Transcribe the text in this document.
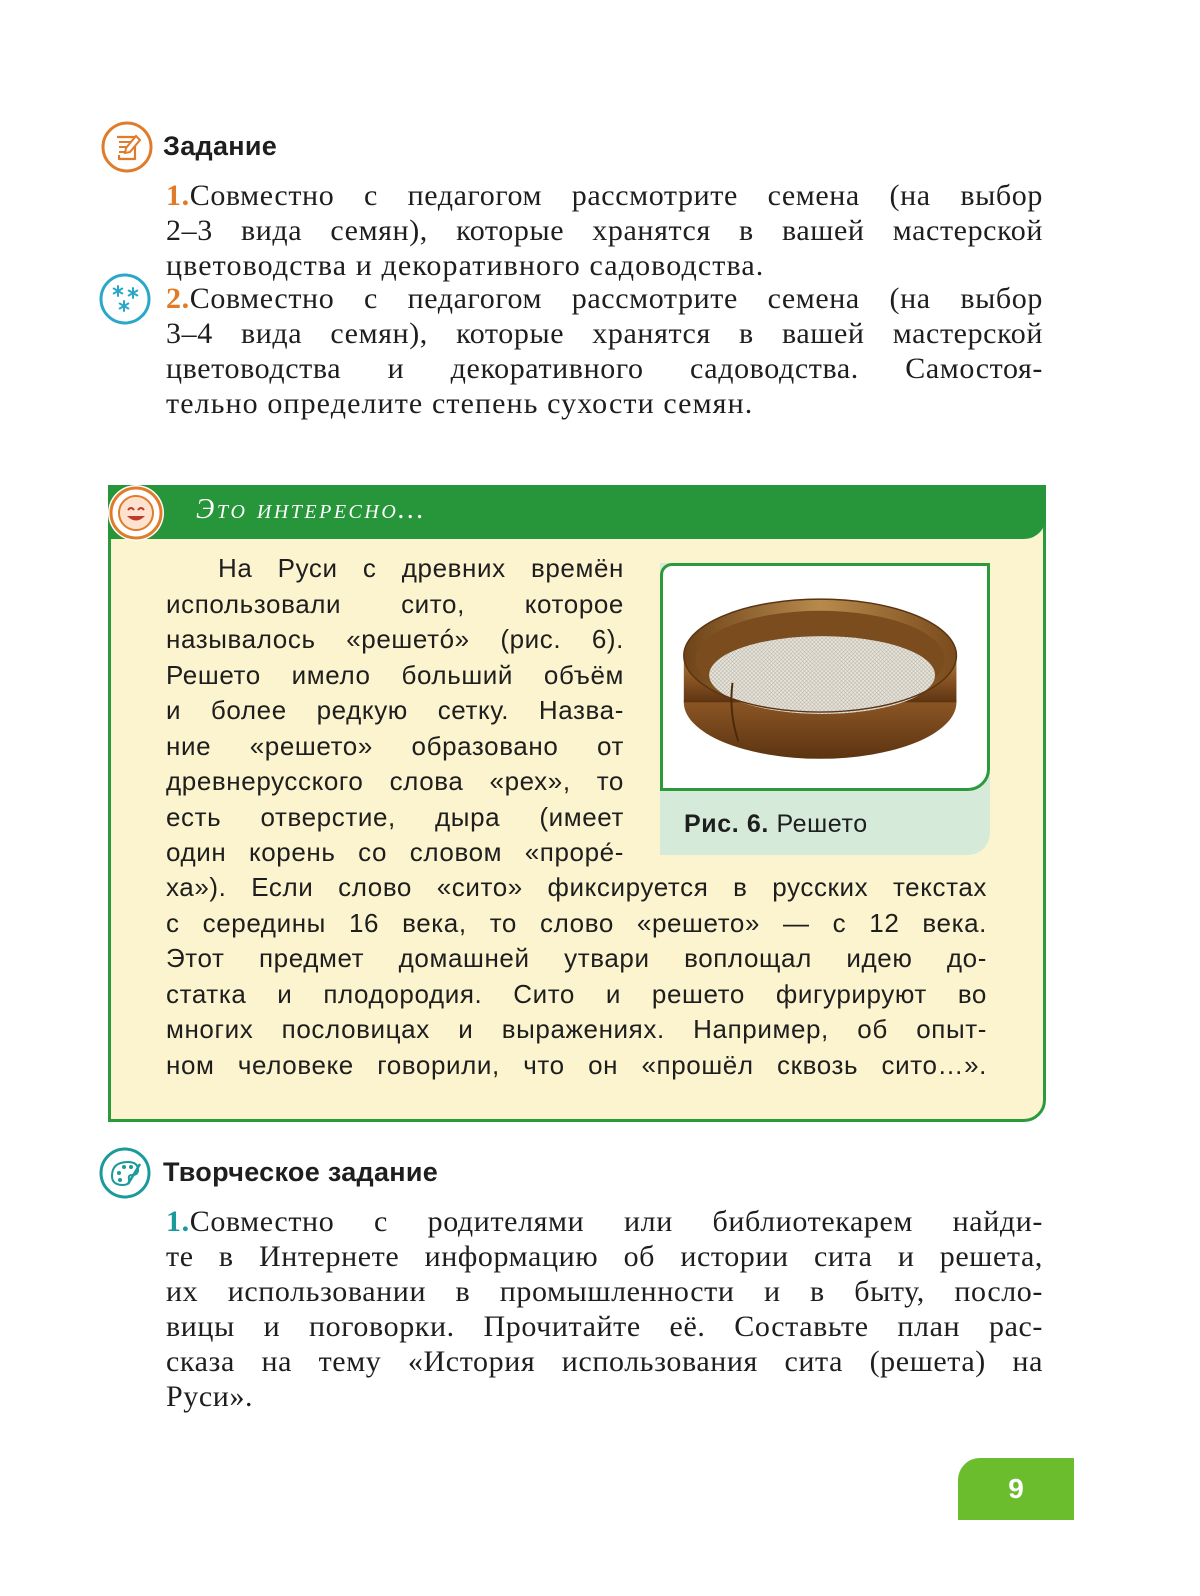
Задание
1.Совместно с педагогом рассмотрите семена (на выбор
2–3 вида семян), которые хранятся в вашей мастерской
цветоводства и декоративного садоводства.
2.Совместно с педагогом рассмотрите семена (на выбор
3–4 вида семян), которые хранятся в вашей мастерской
цветоводства и декоративного садоводства. Самостоя-
тельно определите степень сухости семян.
Это интересно…
На Руси с древних времён
использовали сито, которое
называлось «решетó» (рис. 6).
Решето имело больший объём
и более редкую сетку. Назва-
ние «решето» образовано от
древнерусского слова «рех», то
есть отверстие, дыра (имеет
один корень со словом «проре́-
ха»). Если слово «сито» фиксируется в русских текстах
с середины 16 века, то слово «решето» — с 12 века.
Этот предмет домашней утвари воплощал идею до-
статка и плодородия. Сито и решето фигурируют во
многих пословицах и выражениях. Например, об опыт-
ном человеке говорили, что он «прошёл сквозь сито…».
Рис. 6. Решето
Творческое задание
1.Совместно с родителями или библиотекарем найди-
те в Интернете информацию об истории сита и решета,
их использовании в промышленности и в быту, посло-
вицы и поговорки. Прочитайте её. Составьте план рас-
сказа на тему «История использования сита (решета) на
Руси».
9
